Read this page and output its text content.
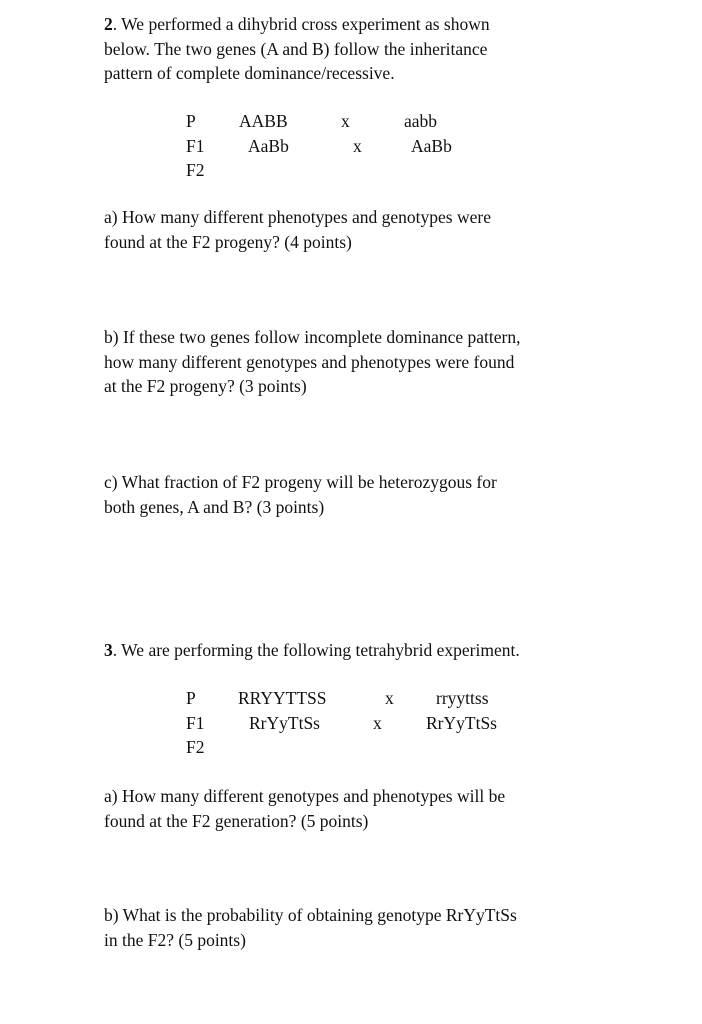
2. We performed a dihybrid cross experiment as shown
below. The two genes (A and B) follow the inheritance
pattern of complete dominance/recessive.
P AABB	x	aabb
F1 AaBb	x	AaBb
F2
a) How many different phenotypes and genotypes were
found at the F2 progeny? (4 points)
b) If these two genes follow incomplete dominance pattern,
how many different genotypes and phenotypes were found
at the F2 progeny? (3 points)
c) What fraction of F2 progeny will be heterozygous for
both genes, A and B? (3 points)
3. We are performing the following tetrahybrid experiment.
P RRYYTTSS	x rryyttss
F1	RrYyTtSs	x	RrYyTtSs
F2
a) How many different genotypes and phenotypes will be
found at the F2 generation? (5 points)
b) What is the probability of obtaining genotype RrYyTtSs
in the F2? (5 points)
